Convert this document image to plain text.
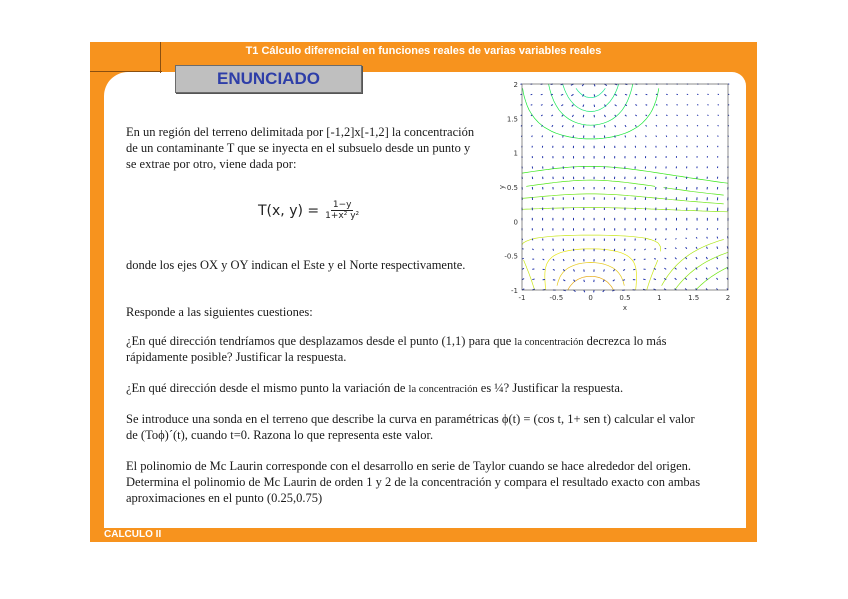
T1 Cálculo diferencial en funciones reales de varias variables reales
ENUNCIADO
En un región del terreno delimitada por [-1,2]x[-1,2] la concentración
de un contaminante T que se inyecta en el subsuelo desde un punto y
se extrae por otro, viene dada por:
T(x, $y) = \frac{1-y}{\text{1+x² y²}}$
donde los ejes OX y OY indican el Este y el Norte respectivamente.
Responde a las siguientes cuestiones:
¿En qué dirección tendríamos que desplazamos desde el punto (1,1) para que la concentración decrezca lo más
rápidamente posible? Justificar la respuesta.
¿En qué dirección desde el mismo punto la variación de la concentración es ¼? Justificar la respuesta.
Se introduce una sonda en el terreno que describe la curva en paramétricas ϕ(t) = (cos t, 1+ sen t) calcular el valor
de (Toϕ)´(t), cuando t=0. Razona lo que representa este valor.
El polinomio de Mc Laurin corresponde con el desarrollo en serie de Taylor cuando se hace alrededor del origen.
Determina el polinomio de Mc Laurin de orden 1 y 2 de la concentración y compara el resultado exacto con ambas
aproximaciones en el punto (0.25,0.75)
CALCULO II
-1	-0.5	0	0.5	1	1.5	2
-1
-0.5
0
0.5
1
1.5
2
x
y
